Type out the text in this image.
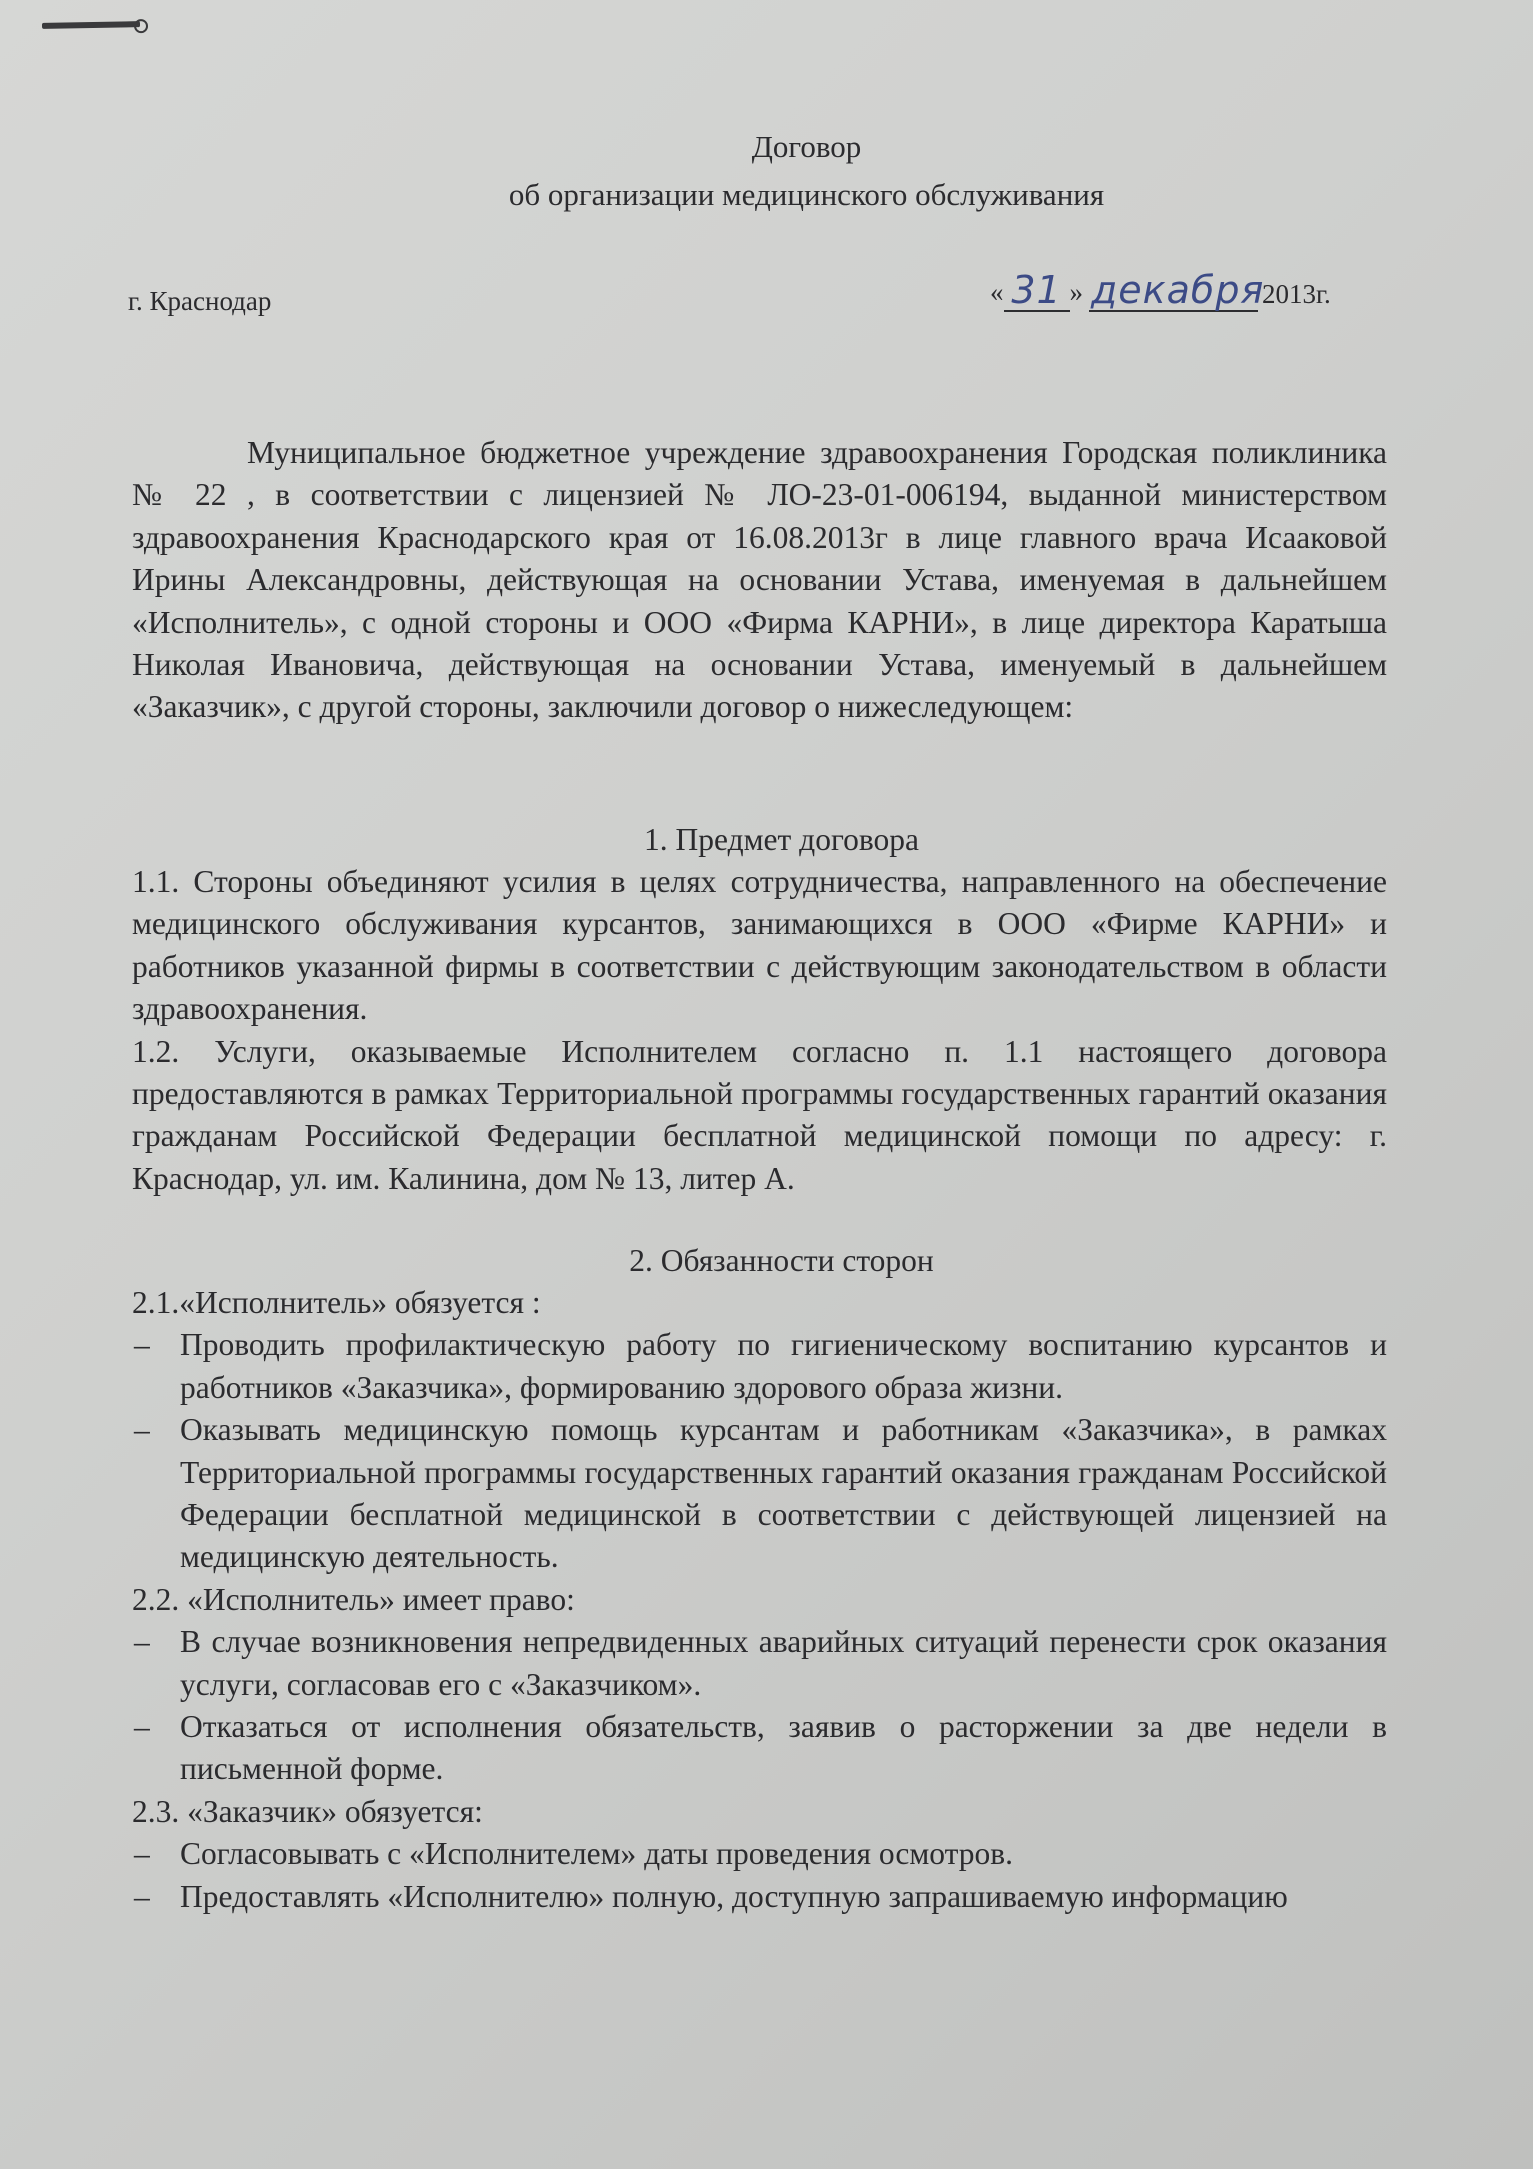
Договор
об организации медицинского обслуживания
г. Краснодар	« 31 » декабря2013г.

Муниципальное бюджетное учреждение здравоохранения Городская поликлиника № 22 , в соответствии с лицензией № ЛО-23-01-006194, выданной министерством здравоохранения Краснодарского края от 16.08.2013г в лице главного врача Исааковой Ирины Александровны, действующая на основании Устава, именуемая в дальнейшем «Исполнитель», с одной стороны и ООО «Фирма КАРНИ», в лице директора Каратыша Николая Ивановича, действующая на основании Устава, именуемый в дальнейшем «Заказчик», с другой стороны, заключили договор о нижеследующем:

1. Предмет договора

1.1. Стороны объединяют усилия в целях сотрудничества, направленного на обеспечение медицинского обслуживания курсантов, занимающихся в ООО «Фирме КАРНИ» и работников указанной фирмы в соответствии с действующим законодательством в области здравоохранения.

1.2. Услуги, оказываемые Исполнителем согласно п. 1.1 настоящего договора предоставляются в рамках Территориальной программы государственных гарантий оказания гражданам Российской Федерации бесплатной медицинской помощи по адресу: г. Краснодар, ул. им. Калинина, дом № 13, литер А.

2. Обязанности сторон

2.1.«Исполнитель» обязуется :

– Проводить профилактическую работу по гигиеническому воспитанию курсантов и работников «Заказчика», формированию здорового образа жизни.

– Оказывать медицинскую помощь курсантам и работникам «Заказчика», в рамках Территориальной программы государственных гарантий оказания гражданам Российской Федерации бесплатной медицинской в соответствии с действующей лицензией на медицинскую деятельность.

2.2. «Исполнитель» имеет право:

– В случае возникновения непредвиденных аварийных ситуаций перенести срок оказания услуги, согласовав его с «Заказчиком».

– Отказаться от исполнения обязательств, заявив о расторжении за две недели в письменной форме.

2.3. «Заказчик» обязуется:

– Согласовывать с «Исполнителем» даты проведения осмотров.

– Предоставлять «Исполнителю» полную, доступную запрашиваемую информацию
